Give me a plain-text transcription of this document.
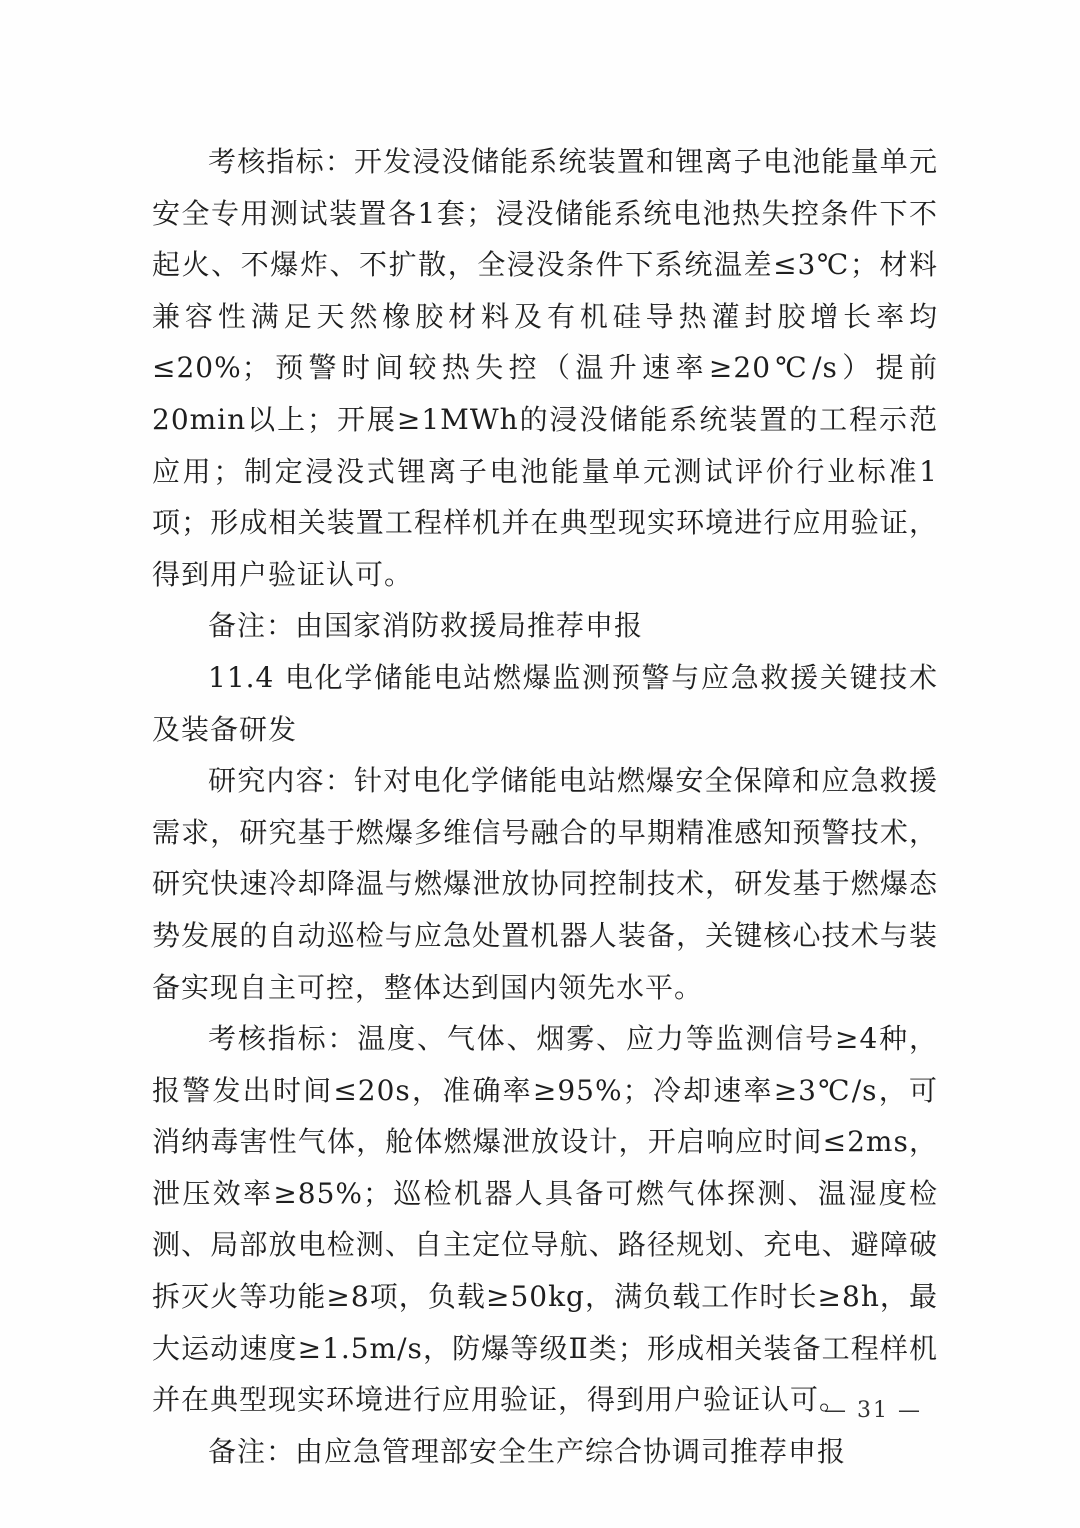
考核指标：开发浸没储能系统装置和锂离子电池能量单元安全专用测试装置各1套；浸没储能系统电池热失控条件下不起火、不爆炸、不扩散，全浸没条件下系统温差≤3℃；材料兼容性满足天然橡胶材料及有机硅导热灌封胶增长率均≤20%；预警时间较热失控（温升速率≥20℃/s）提前20min以上；开展≥1MWh的浸没储能系统装置的工程示范应用；制定浸没式锂离子电池能量单元测试评价行业标准1项；形成相关装置工程样机并在典型现实环境进行应用验证，得到用户验证认可。

备注：由国家消防救援局推荐申报

11.4 电化学储能电站燃爆监测预警与应急救援关键技术及装备研发

研究内容：针对电化学储能电站燃爆安全保障和应急救援需求，研究基于燃爆多维信号融合的早期精准感知预警技术，研究快速冷却降温与燃爆泄放协同控制技术，研发基于燃爆态势发展的自动巡检与应急处置机器人装备，关键核心技术与装备实现自主可控，整体达到国内领先水平。

考核指标：温度、气体、烟雾、应力等监测信号≥4种，报警发出时间≤20s，准确率≥95%；冷却速率≥3℃/s，可消纳毒害性气体，舱体燃爆泄放设计，开启响应时间≤2ms，泄压效率≥85%；巡检机器人具备可燃气体探测、温湿度检测、局部放电检测、自主定位导航、路径规划、充电、避障破拆灭火等功能≥8项，负载≥50kg，满负载工作时长≥8h，最大运动速度≥1.5m/s，防爆等级Ⅱ类；形成相关装备工程样机并在典型现实环境进行应用验证，得到用户验证认可。

备注：由应急管理部安全生产综合协调司推荐申报

— 31 —
